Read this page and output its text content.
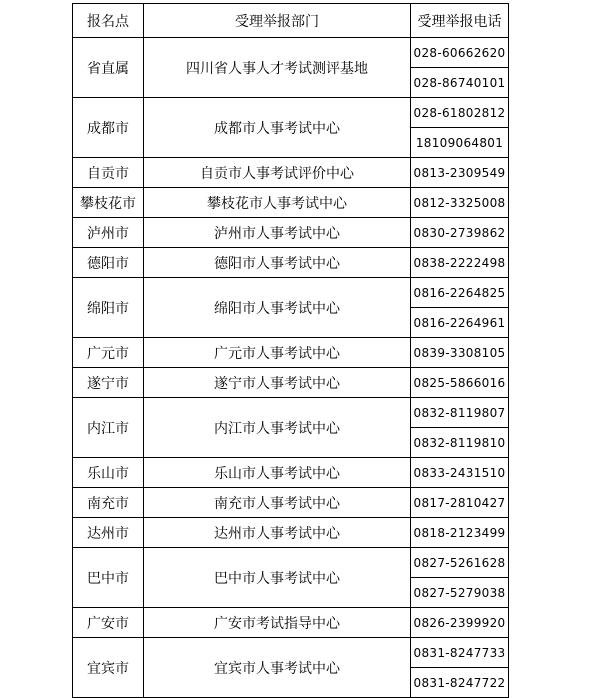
报名点	受理举报部门	受理举报电话
省直属	四川省人事人才考试测评基地	028-60662620
		028-86740101
成都市	成都市人事考试中心	028-61802812
		18109064801
自贡市	自贡市人事考试评价中心	0813-2309549
攀枝花市	攀枝花市人事考试中心	0812-3325008
泸州市	泸州市人事考试中心	0830-2739862
德阳市	德阳市人事考试中心	0838-2222498
绵阳市	绵阳市人事考试中心	0816-2264825
		0816-2264961
广元市	广元市人事考试中心	0839-3308105
遂宁市	遂宁市人事考试中心	0825-5866016
内江市	内江市人事考试中心	0832-8119807
		0832-8119810
乐山市	乐山市人事考试中心	0833-2431510
南充市	南充市人事考试中心	0817-2810427
达州市	达州市人事考试中心	0818-2123499
巴中市	巴中市人事考试中心	0827-5261628
		0827-5279038
广安市	广安市考试指导中心	0826-2399920
宜宾市	宜宾市人事考试中心	0831-8247733
		0831-8247722
